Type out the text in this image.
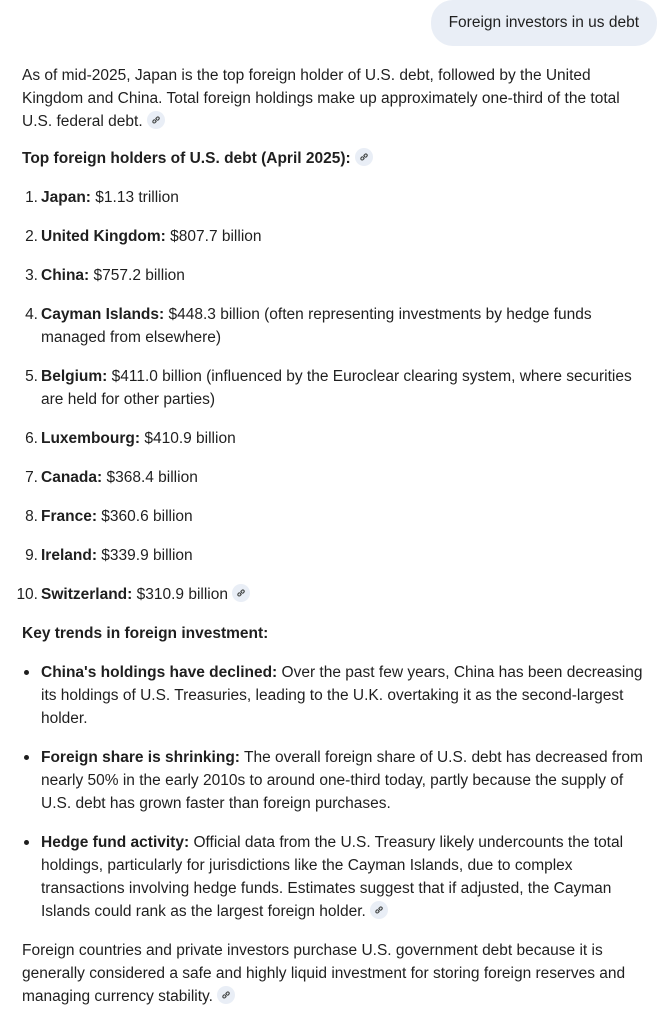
Foreign investors in us debt

As of mid-2025, Japan is the top foreign holder of U.S. debt, followed by the United Kingdom and China. Total foreign holdings make up approximately one-third of the total U.S. federal debt.

Top foreign holders of U.S. debt (April 2025):

1. Japan: $1.13 trillion
2. United Kingdom: $807.7 billion
3. China: $757.2 billion
4. Cayman Islands: $448.3 billion (often representing investments by hedge funds managed from elsewhere)
5. Belgium: $411.0 billion (influenced by the Euroclear clearing system, where securities are held for other parties)
6. Luxembourg: $410.9 billion
7. Canada: $368.4 billion
8. France: $360.6 billion
9. Ireland: $339.9 billion
10. Switzerland: $310.9 billion

Key trends in foreign investment:

China's holdings have declined: Over the past few years, China has been decreasing its holdings of U.S. Treasuries, leading to the U.K. overtaking it as the second-largest holder.
Foreign share is shrinking: The overall foreign share of U.S. debt has decreased from nearly 50% in the early 2010s to around one-third today, partly because the supply of U.S. debt has grown faster than foreign purchases.
Hedge fund activity: Official data from the U.S. Treasury likely undercounts the total holdings, particularly for jurisdictions like the Cayman Islands, due to complex transactions involving hedge funds. Estimates suggest that if adjusted, the Cayman Islands could rank as the largest foreign holder.

Foreign countries and private investors purchase U.S. government debt because it is generally considered a safe and highly liquid investment for storing foreign reserves and managing currency stability.
